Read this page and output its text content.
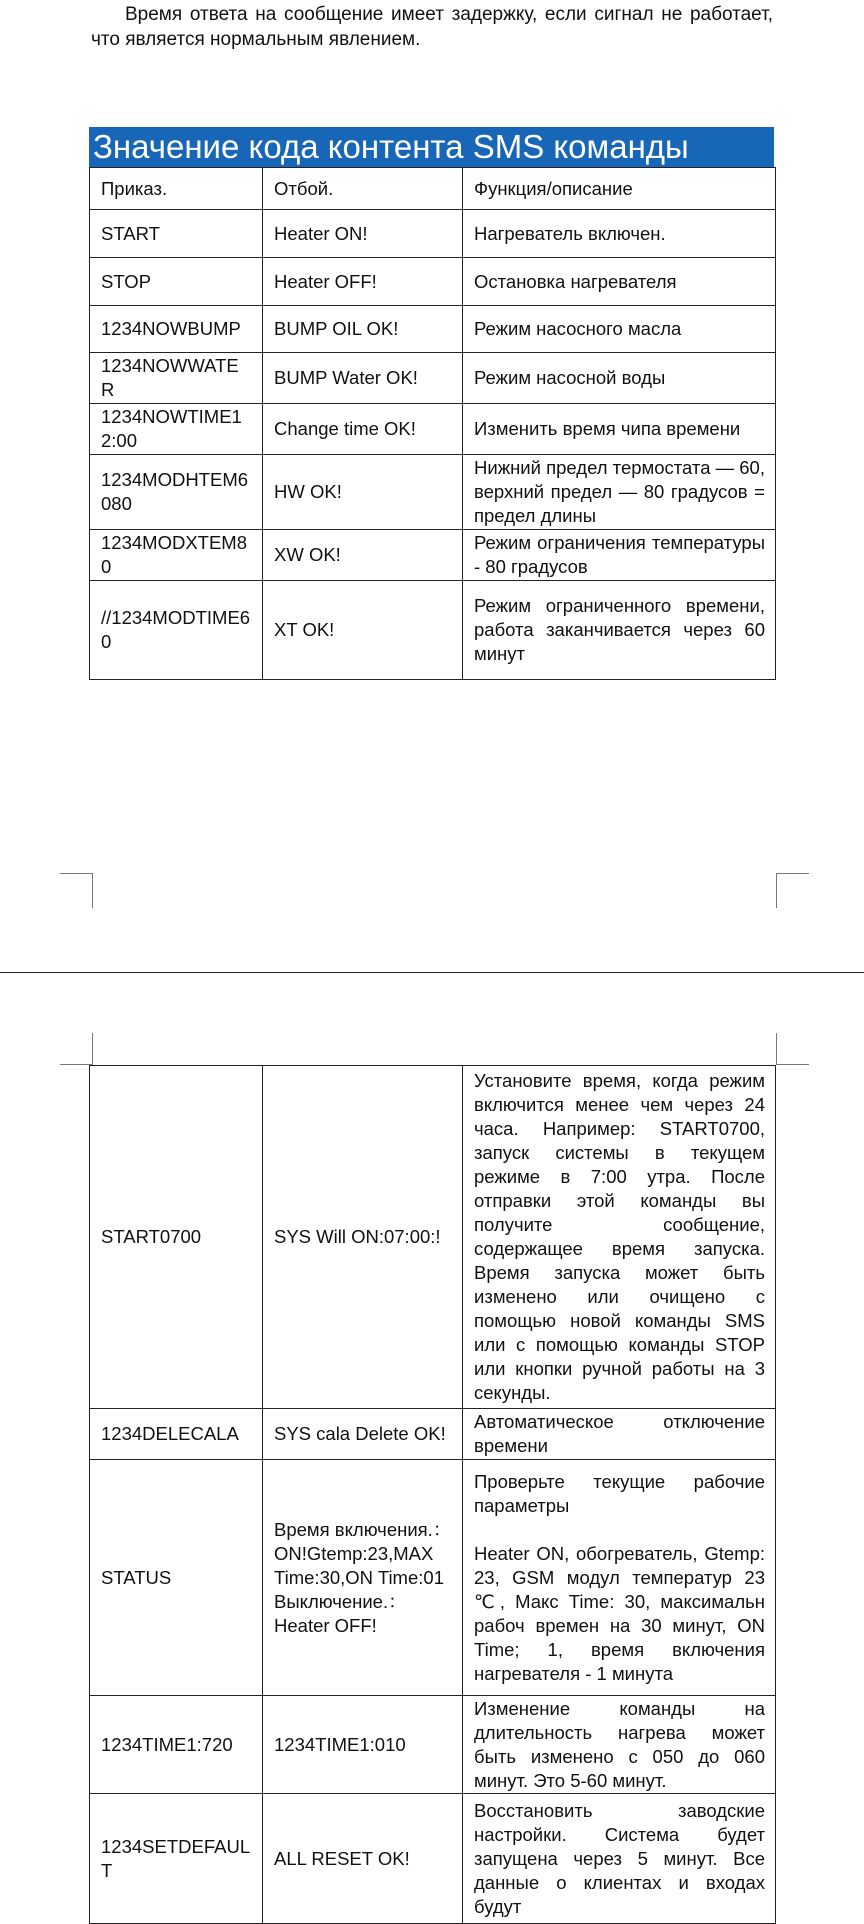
Время ответа на сообщение имеет задержку, если сигнал не работает, что является нормальным явлением.
Значение кода контента SMS команды
Приказ.	Отбой.	Функция/описание
START	Heater ON!	Нагреватель включен.
STOP	Heater OFF!	Остановка нагревателя
1234NOWBUMP	BUMP OIL OK!	Режим насосного масла
1234NOWWATER	BUMP Water OK!	Режим насосной воды
1234NOWTIME12:00	Change time OK!	Изменить время чипа времени
1234MODHTEM6080	HW OK!	Нижний предел термостата — 60, верхний предел — 80 градусов = предел длины
1234MODXTEM80	XW OK!	Режим ограничения температуры - 80 градусов
//1234MODTIME60	XT OK!	Режим ограниченного времени, работа заканчивается через 60 минут
START0700	SYS Will ON:07:00:!	Установите время, когда режим включится менее чем через 24 часа. Например: START0700, запуск системы в текущем режиме в 7:00 утра. После отправки этой команды вы получите сообщение, содержащее время запуска. Время запуска может быть изменено или очищено с помощью новой команды SMS или с помощью команды STOP или кнопки ручной работы на 3 секунды.
1234DELECALA	SYS cala Delete OK!	Автоматическое отключение времени
STATUS	Время включения.：ON!Gtemp:23,MAX Time:30,ON Time:01 Выключение.：Heater OFF!	Проверьте текущие рабочие параметры

Heater ON, обогреватель, Gtemp: 23, GSM модул температур 23 ℃, Макс Time: 30, максимальн рабоч времен на 30 минут, ON Time; 1, время включения нагревателя - 1 минута
1234TIME1:720	1234TIME1:010	Изменение команды на длительность нагрева может быть изменено с 050 до 060 минут. Это 5-60 минут.
1234SETDEFAULT	ALL RESET OK!	Восстановить заводские настройки. Система будет запущена через 5 минут. Все данные о клиентах и входах будут
